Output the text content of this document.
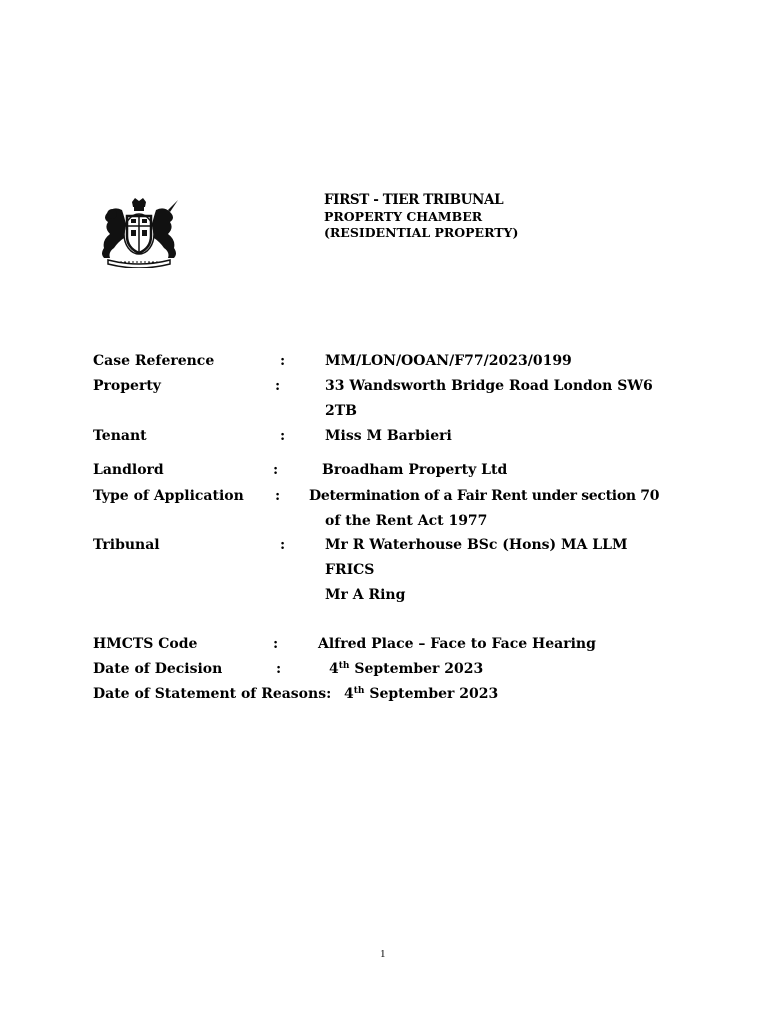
FIRST - TIER TRIBUNAL
PROPERTY CHAMBER
(RESIDENTIAL PROPERTY)
Case Reference	:	MM/LON/OOAN/F77/2023/0199
Property	:	33 Wandsworth Bridge Road London SW6
2TB
Tenant	:	Miss M Barbieri
Landlord	:	Broadham Property Ltd
Type of Application : Determination of a Fair Rent under section 70
of the Rent Act 1977
Tribunal	:	Mr R Waterhouse BSc (Hons) MA LLM
FRICS
Mr A Ring
HMCTS Code	:	Alfred Place – Face to Face Hearing
Date of Decision	:	4th September 2023
Date of Statement of Reasons: 4th September 2023
1
